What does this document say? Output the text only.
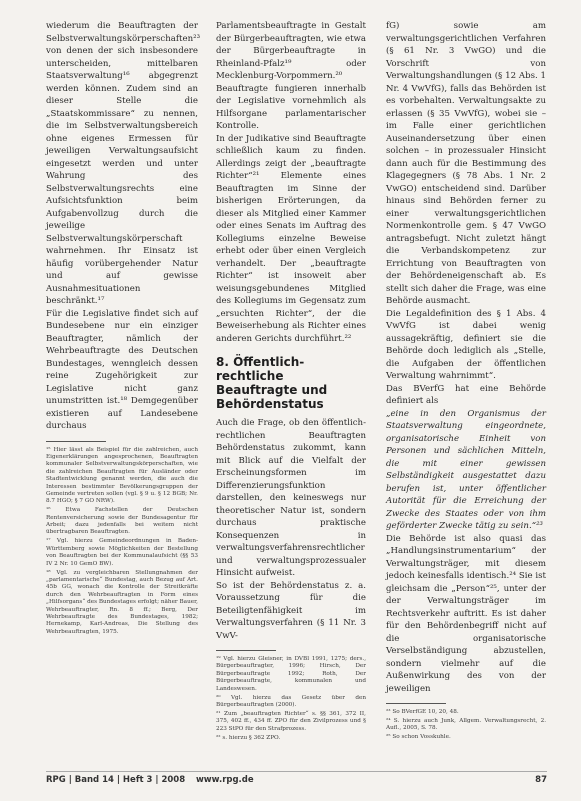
wiederum die Beauftragten der Selbstverwaltungskörperschaften²³ von denen der sich insbesondere unterscheiden, mittelbaren Staatsverwaltung¹⁶ abgegrenzt werden können. Zudem sind an dieser Stelle die „Staatskommissare“ zu nennen, die im Selbstverwaltungsbereich ohne eigenes Ermessen für jeweiligen Verwaltungsaufsicht eingesetzt werden und unter Wahrung des Selbstverwaltungsrechts eine Aufsichtsfunktion beim Aufgabenvollzug durch die jeweilige Selbstverwaltungskörperschaft wahrnehmen. Ihr Einsatz ist häufig vorübergehender Natur und auf gewisse Ausnahmesituationen beschränkt.¹⁷

Für die Legislative findet sich auf Bundesebene nur ein einziger Beauftragter, nämlich der Wehrbeauftragte des Deutschen Bundestages, wenngleich dessen reine Zugehörigkeit zur Legislative nicht ganz unumstritten ist.¹⁸ Demgegenüber existieren auf Landesebene durchaus

¹⁵ Hier lässt als Beispiel für die zahlreichen, auch Eigenerklärungen angesprochenen, Beauftragten kommunaler Selbstverwaltungskörperschaften, wie die zahlreichen Beauftragten für Ausländer oder Stadtentwicklung genannt werden, die auch die Interessen bestimmter Bevölkerungsgruppen der Gemeinde vertreten sollen (vgl. § 9 u. § 12 BGB; Nr. 8.7 HGO; § 7 GO NRW).

¹⁶ Etwa Fachstellen der Deutschen Rentenversicherung sowie der Bundesagentur für Arbeit; dazu jedenfalls bei weitem nicht übertragbaren Beauftragten.

¹⁷ Vgl. hierzu Gemeindeordnungen in Baden-Württemberg sowie Möglichkeiten der Bestellung von Beauftragten bei der Kommunalaufsicht (§§ 53 IV 2 Nr. 10 GemO BW).

¹⁸ Vgl. zu vergleichbaren Stellungnahmen der „parlamentarische“ Bundestag, auch Bezug auf Art. 45b GG, wonach die Kontrolle der Streitkräfte durch den Wehrbeauftragten in Form eines „Hilfsorgans“ des Bundestages erfolgt; näher Bauer, Wehrbeauftragter, Rn. 8 ff.; Berg, Der Wehrbeauftragte des Bundestages, 1982; Hernekamp, Karl-Andreas, Die Stellung des Wehrbeauftragten, 1975.

Parlamentsbeauftragte in Gestalt der Bürgerbeauftragten, wie etwa der Bürgerbeauftragte in Rheinland-Pfalz¹⁹ oder Mecklenburg-Vorpommern.²⁰ Beauftragte fungieren innerhalb der Legislative vornehmlich als Hilfsorgane parlamentarischer Kontrolle.

In der Judikative sind Beauftragte schließlich kaum zu finden. Allerdings zeigt der „beauftragte Richter“²¹ Elemente eines Beauftragten im Sinne der bisherigen Erörterungen, da dieser als Mitglied einer Kammer oder eines Senats im Auftrag des Kollegiums einzelne Beweise erhebt oder über einen Vergleich verhandelt. Der „beauftragte Richter“ ist insoweit aber weisungsgebundenes Mitglied des Kollegiums im Gegensatz zum „ersuchten Richter“, der die Beweiserhebung als Richter eines anderen Gerichts durchführt.²²

8. Öffentlich-rechtliche Beauftragte und Behördenstatus

Auch die Frage, ob den öffentlich-rechtlichen Beauftragten Behördenstatus zukommt, kann mit Blick auf die Vielfalt der Erscheinungsformen im Differenzierungsfunktion darstellen, den keineswegs nur theoretischer Natur ist, sondern durchaus praktische Konsequenzen in verwaltungsverfahrensrechtlicher und verwaltungsprozessualer Hinsicht aufweist.

So ist der Behördenstatus z. a. Voraussetzung für die Beteiligtenfähigkeit im Verwaltungsverfahren (§ 11 Nr. 3 VwV-

¹⁹ Vgl. hierzu Gleisner, in DVBl 1991, 1275; ders., Bürgerbeauftragter, 1996; Hirsch, Der Bürgerbeauftragte 1992; Roth, Der Bürgerbeauftragte, kommunalen und Landeswesen.

²⁰ Vgl. hierzu das Gesetz über den Bürgerbeauftragten (2000).

²¹ Zum „beauftragten Richter“ s. §§ 361, 372 II, 375, 402 ff., 434 ff. ZPO für den Zivilprozess und § 223 StPO für den Strafprozess.

²² s. hierzu § 362 ZPO.

fG) sowie am verwaltungsgerichtlichen Verfahren (§ 61 Nr. 3 VwGO) und die Vorschrift von Verwaltungshandlungen (§ 12 Abs. 1 Nr. 4 VwVfG), falls das Behörden ist es vorbehalten. Verwaltungsakte zu erlassen (§ 35 VwVfG), wobei sie – im Falle einer gerichtlichen Auseinandersetzung über einen solchen – in prozessualer Hinsicht dann auch für die Bestimmung des Klagegegners (§ 78 Abs. 1 Nr. 2 VwGO) entscheidend sind. Darüber hinaus sind Behörden ferner zu einer verwaltungsgerichtlichen Normenkontrolle gem. § 47 VwGO antragsbefugt. Nicht zuletzt hängt die Verbandskompetenz zur Errichtung von Beauftragten von der Behördeneigenschaft ab. Es stellt sich daher die Frage, was eine Behörde ausmacht.

Die Legaldefinition des § 1 Abs. 4 VwVfG ist dabei wenig aussagekräftig, definiert sie die Behörde doch lediglich als „Stelle, die Aufgaben der öffentlichen Verwaltung wahrnimmt“.

Das BVerfG hat eine Behörde definiert als

„eine in den Organismus der Staatsverwaltung eingeordnete, organisatorische Einheit von Personen und sächlichen Mitteln, die mit einer gewissen Selbständigkeit ausgestattet dazu berufen ist, unter öffentlicher Autorität für die Erreichung der Zwecke des Staates oder von ihm geförderter Zwecke tätig zu sein.“²³

Die Behörde ist also quasi das „Handlungsinstrumentarium“ der Verwaltungsträger, mit diesem jedoch keinesfalls identisch.²⁴ Sie ist gleichsam die „Person“²⁵, unter der der Verwaltungsträger im Rechtsverkehr auftritt. Es ist daher für den Behördenbegriff nicht auf die organisatorische Verselbständigung abzustellen, sondern vielmehr auf die Außenwirkung des von der jeweiligen

²³ So BVerfGE 10, 20, 48.

²⁴ S. hierzu auch Junk, Allgem. Verwaltungsrecht, 2. Aufl., 2005, S. 78.

²⁵ So schon Vosskuhle.

RPG | Band 14 | Heft 3 | 2008 www.rpg.de	87
